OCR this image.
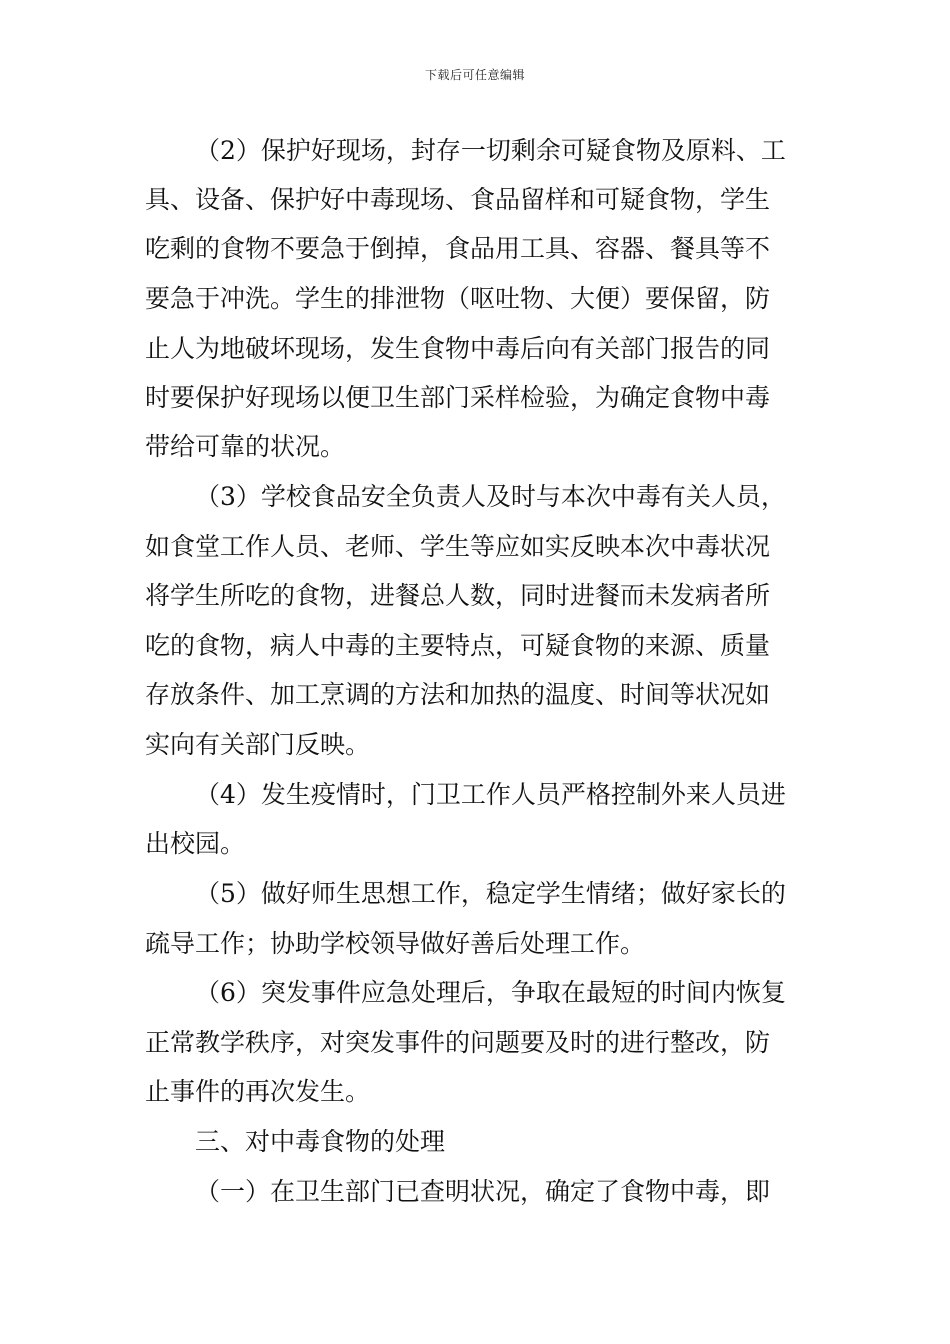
下载后可任意编辑
（2）保护好现场，封存一切剩余可疑食物及原料、工
具、设备、保护好中毒现场、食品留样和可疑食物，学生
吃剩的食物不要急于倒掉，食品用工具、容器、餐具等不
要急于冲洗。学生的排泄物（呕吐物、大便）要保留，防
止人为地破坏现场，发生食物中毒后向有关部门报告的同
时要保护好现场以便卫生部门采样检验，为确定食物中毒
带给可靠的状况。
（3）学校食品安全负责人及时与本次中毒有关人员，
如食堂工作人员、老师、学生等应如实反映本次中毒状况
将学生所吃的食物，进餐总人数，同时进餐而未发病者所
吃的食物，病人中毒的主要特点，可疑食物的来源、质量
存放条件、加工烹调的方法和加热的温度、时间等状况如
实向有关部门反映。
（4）发生疫情时，门卫工作人员严格控制外来人员进
出校园。
（5）做好师生思想工作，稳定学生情绪；做好家长的
疏导工作；协助学校领导做好善后处理工作。
（6）突发事件应急处理后，争取在最短的时间内恢复
正常教学秩序，对突发事件的问题要及时的进行整改，防
止事件的再次发生。
三、对中毒食物的处理
（一）在卫生部门已查明状况，确定了食物中毒，即
